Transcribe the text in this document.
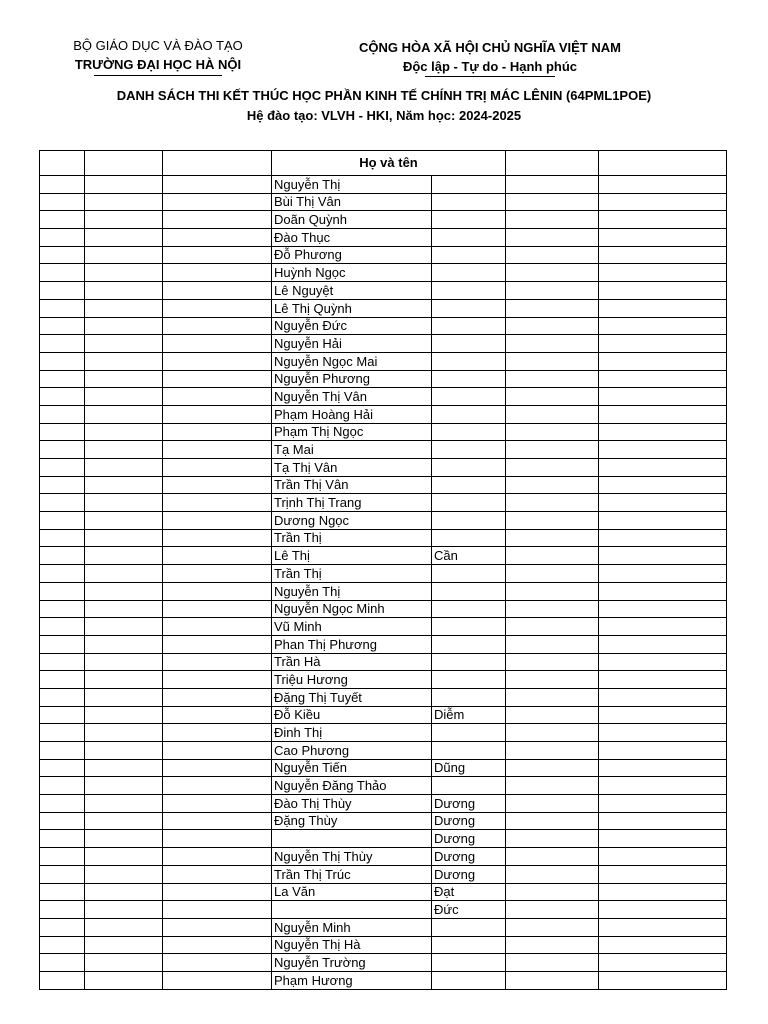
BỘ GIÁO DỤC VÀ ĐÀO TẠO
TRƯỜNG ĐẠI HỌC HÀ NỘI
CỘNG HÒA XÃ HỘI CHỦ NGHĨA VIỆT NAM
Độc lập - Tự do - Hạnh phúc
DANH SÁCH THI KẾT THÚC HỌC PHẦN KINH TẾ CHÍNH TRỊ MÁC LÊNIN (64PML1POE)
Hệ đào tạo: VLVH - HKI, Năm học: 2024-2025
			Họ và tên			
			Nguyễn Thị			
			Bùi Thị Vân			
			Doãn Quỳnh			
			Đào Thục			
			Đỗ Phương			
			Huỳnh Ngọc			
			Lê Nguyệt			
			Lê Thị Quỳnh			
			Nguyễn Đức			
			Nguyễn Hải			
			Nguyễn Ngọc Mai			
			Nguyễn Phương			
			Nguyễn Thị Vân			
			Phạm Hoàng Hải			
			Phạm Thị Ngọc			
			Tạ Mai			
			Tạ Thị Vân			
			Trần Thị Vân			
			Trịnh Thị Trang			
			Dương Ngọc			
			Trần Thị			
			Lê Thị	Cần		
			Trần Thị			
			Nguyễn Thị			
			Nguyễn Ngọc Minh			
			Vũ Minh			
			Phan Thị Phương			
			Trần Hà			
			Triệu Hương			
			Đặng Thị Tuyết			
			Đỗ Kiều	Diễm		
			Đinh Thị			
			Cao Phương			
			Nguyễn Tiến	Dũng		
			Nguyễn Đăng Thảo			
			Đào Thị Thùy	Dương		
			Đặng Thùy	Dương		
				Dương		
			Nguyễn Thị Thùy	Dương		
			Trần Thị Trúc	Dương		
			La Văn	Đạt		
				Đức		
			Nguyễn Minh			
			Nguyễn Thị Hà			
			Nguyễn Trường			
			Phạm Hương			
